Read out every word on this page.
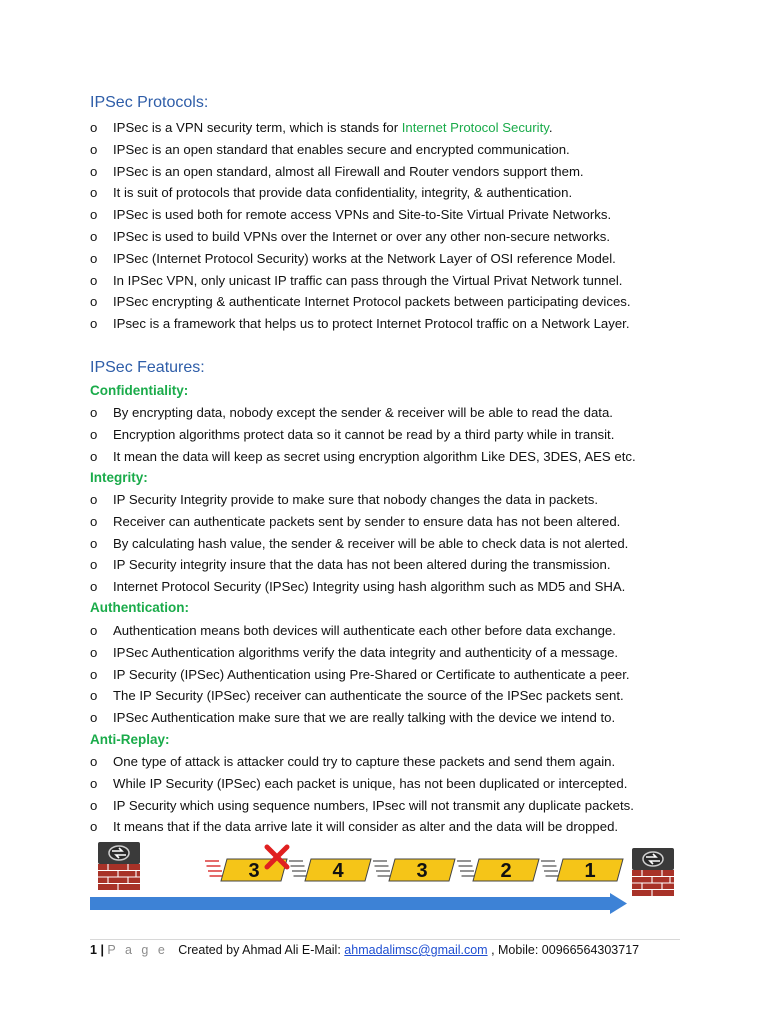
IPSec Protocols:
o IPSec is a VPN security term, which is stands for Internet Protocol Security.
o IPSec is an open standard that enables secure and encrypted communication.
o IPSec is an open standard, almost all Firewall and Router vendors support them.
o It is suit of protocols that provide data confidentiality, integrity, & authentication.
o IPSec is used both for remote access VPNs and Site-to-Site Virtual Private Networks.
o IPSec is used to build VPNs over the Internet or over any other non-secure networks.
o IPSec (Internet Protocol Security) works at the Network Layer of OSI reference Model.
o In IPSec VPN, only unicast IP traffic can pass through the Virtual Privat Network tunnel.
o IPSec encrypting & authenticate Internet Protocol packets between participating devices.
o IPsec is a framework that helps us to protect Internet Protocol traffic on a Network Layer.
IPSec Features:
Confidentiality:
o By encrypting data, nobody except the sender & receiver will be able to read the data.
o Encryption algorithms protect data so it cannot be read by a third party while in transit.
o It mean the data will keep as secret using encryption algorithm Like DES, 3DES, AES etc.
Integrity:
o IP Security Integrity provide to make sure that nobody changes the data in packets.
o Receiver can authenticate packets sent by sender to ensure data has not been altered.
o By calculating hash value, the sender & receiver will be able to check data is not alerted.
o IP Security integrity insure that the data has not been altered during the transmission.
o Internet Protocol Security (IPSec) Integrity using hash algorithm such as MD5 and SHA.
Authentication:
o Authentication means both devices will authenticate each other before data exchange.
o IPSec Authentication algorithms verify the data integrity and authenticity of a message.
o IP Security (IPSec) Authentication using Pre-Shared or Certificate to authenticate a peer.
o The IP Security (IPSec) receiver can authenticate the source of the IPSec packets sent.
o IPSec Authentication make sure that we are really talking with the device we intend to.
Anti-Replay:
o One type of attack is attacker could try to capture these packets and send them again.
o While IP Security (IPSec) each packet is unique, has not been duplicated or intercepted.
o IP Security which using sequence numbers, IPsec will not transmit any duplicate packets.
o It means that if the data arrive late it will consider as alter and the data will be dropped.
3	4	3	2	1
1 | P a g e Created by Ahmad Ali E-Mail: ahmadalimsc@gmail.com , Mobile: 00966564303717
